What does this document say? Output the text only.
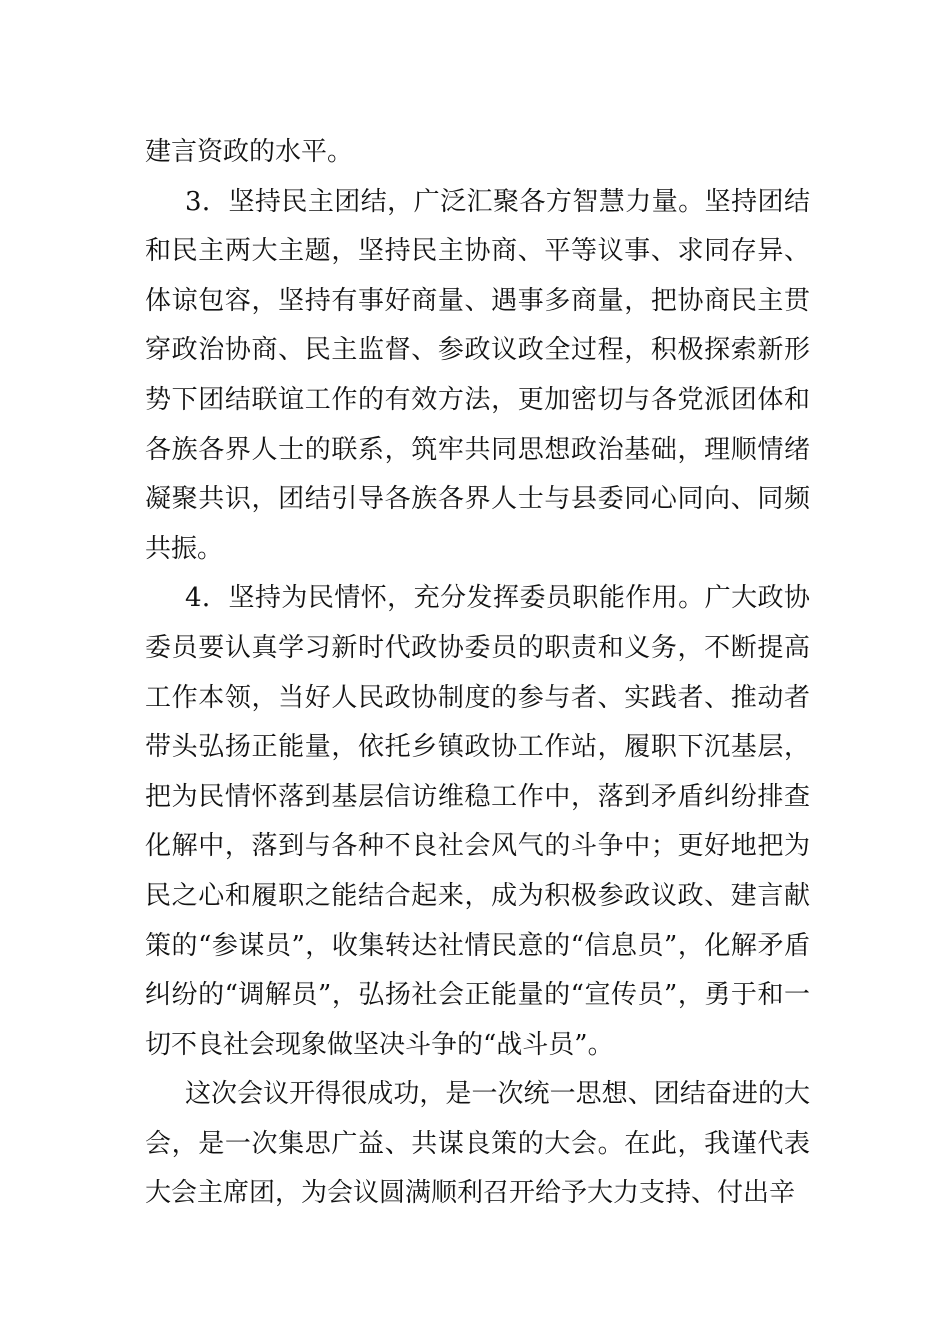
建言资政的水平。

3．坚持民主团结，广泛汇聚各方智慧力量。坚持团结和民主两大主题，坚持民主协商、平等议事、求同存异、体谅包容，坚持有事好商量、遇事多商量，把协商民主贯穿政治协商、民主监督、参政议政全过程，积极探索新形势下团结联谊工作的有效方法，更加密切与各党派团体和各族各界人士的联系，筑牢共同思想政治基础，理顺情绪凝聚共识，团结引导各族各界人士与县委同心同向、同频共振。

4．坚持为民情怀，充分发挥委员职能作用。广大政协委员要认真学习新时代政协委员的职责和义务，不断提高工作本领，当好人民政协制度的参与者、实践者、推动者带头弘扬正能量，依托乡镇政协工作站，履职下沉基层，把为民情怀落到基层信访维稳工作中，落到矛盾纠纷排查化解中，落到与各种不良社会风气的斗争中；更好地把为民之心和履职之能结合起来，成为积极参政议政、建言献策的“参谋员”，收集转达社情民意的“信息员”，化解矛盾纠纷的“调解员”，弘扬社会正能量的“宣传员”，勇于和一切不良社会现象做坚决斗争的“战斗员”。

这次会议开得很成功，是一次统一思想、团结奋进的大会，是一次集思广益、共谋良策的大会。在此，我谨代表大会主席团，为会议圆满顺利召开给予大力支持、付出辛
